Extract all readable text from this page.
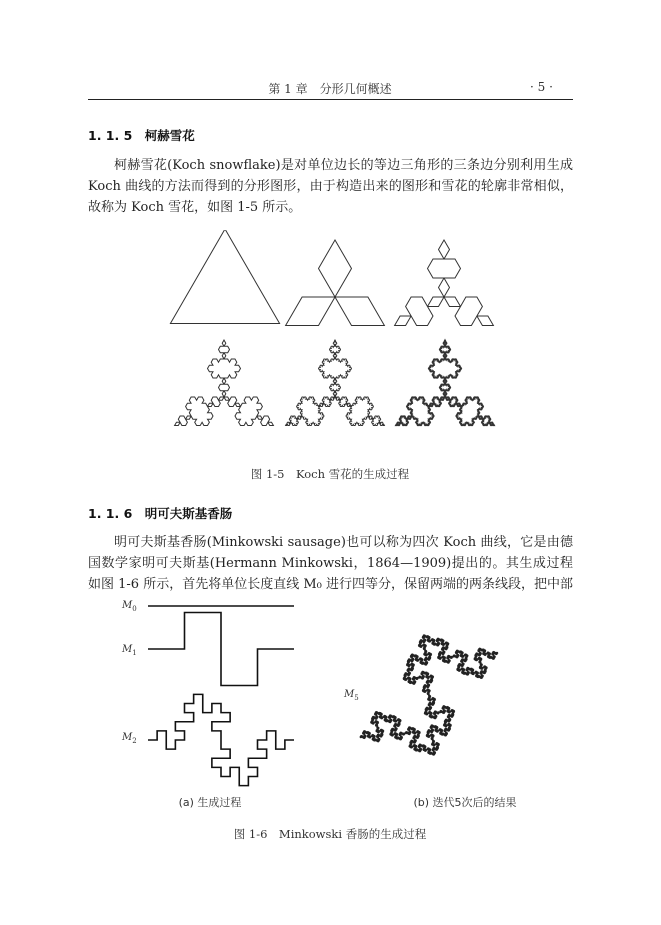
第 1 章　分形几何概述	· 5 ·
1. 1. 5　柯赫雪花
柯赫雪花(Koch snowflake)是对单位边长的等边三角形的三条边分别利用生成 Koch 曲线的方法而得到的分形图形，由于构造出来的图形和雪花的轮廓非常相似，故称为 Koch 雪花，如图 1-5 所示。
图 1-5　Koch 雪花的生成过程
1. 1. 6　明可夫斯基香肠
明可夫斯基香肠(Minkowski sausage)也可以称为四次 Koch 曲线，它是由德国数学家明可夫斯基(Hermann Minkowski，1864—1909)提出的。其生成过程如图 1-6 所示，首先将单位长度直线 M₀ 进行四等分，保留两端的两条线段，把中部
$M_0$
$M_1$
$M_2$
$M_5$
(a) 生成过程	(b) 迭代5次后的结果
图 1-6　Minkowski 香肠的生成过程
